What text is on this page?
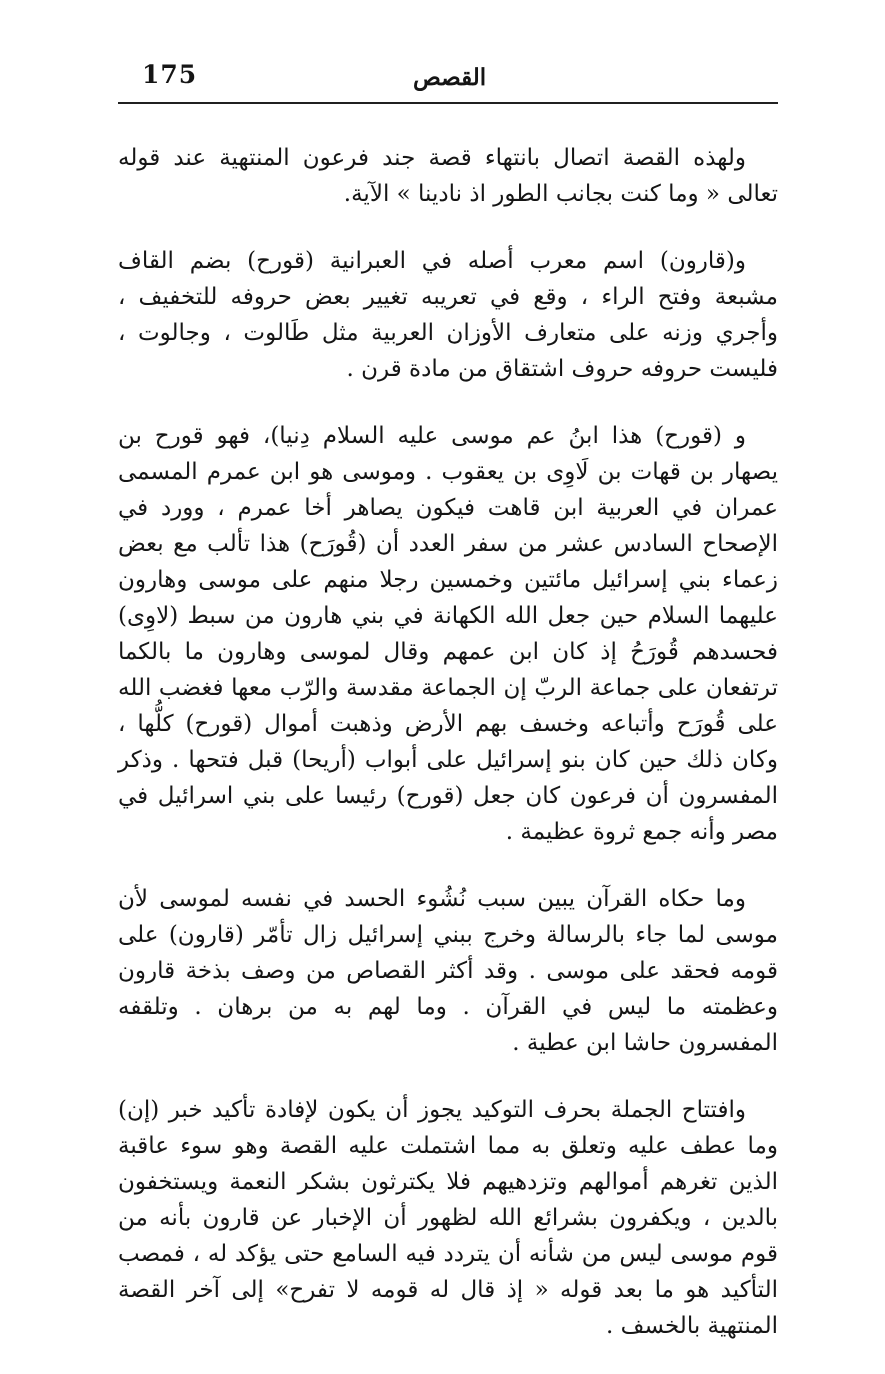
175	القصص

ولهذه القصة اتصال بانتهاء قصة جند فرعون المنتهية عند قوله تعالى « وما كنت بجانب الطور اذ نادينا » الآية.

و(قارون) اسم معرب أصله في العبرانية (قورح) بضم القاف مشبعة وفتح الراء ، وقع في تعريبه تغيير بعض حروفه للتخفيف ، وأجري وزنه على متعارف الأوزان العربية مثل طَالوت ، وجالوت ، فليست حروفه حروف اشتقاق من مادة قرن .

و (قورح) هذا ابنُ عم موسى عليه السلام دِنيا)، فهو قورح بن يصهار بن قهات بن لَاوِى بن يعقوب . وموسى هو ابن عمرم المسمى عمران في العربية ابن قاهت فيكون يصاهر أخا عمرم ، وورد في الإصحاح السادس عشر من سفر العدد أن (قُورَح) هذا تألب مع بعض زعماء بني إسرائيل مائتين وخمسين رجلا منهم على موسى وهارون عليهما السلام حين جعل الله الكهانة في بني هارون من سبط (لاوِى) فحسدهم قُورَحُ إذ كان ابن عمهم وقال لموسى وهارون ما بالكما ترتفعان على جماعة الربّ إن الجماعة مقدسة والرّب معها فغضب الله على قُورَح وأتباعه وخسف بهم الأرض وذهبت أموال (قورح) كلُّها ، وكان ذلك حين كان بنو إسرائيل على أبواب (أريحا) قبل فتحها . وذكر المفسرون أن فرعون كان جعل (قورح) رئيسا على بني اسرائيل في مصر وأنه جمع ثروة عظيمة .

وما حكاه القرآن يبين سبب نُشُوء الحسد في نفسه لموسى لأن موسى لما جاء بالرسالة وخرج ببني إسرائيل زال تأمّر (قارون) على قومه فحقد على موسى . وقد أكثر القصاص من وصف بذخة قارون وعظمته ما ليس في القرآن . وما لهم به من برهان . وتلقفه المفسرون حاشا ابن عطية .

وافتتاح الجملة بحرف التوكيد يجوز أن يكون لإفادة تأكيد خبر (إن) وما عطف عليه وتعلق به مما اشتملت عليه القصة وهو سوء عاقبة الذين تغرهم أموالهم وتزدهيهم فلا يكترثون بشكر النعمة ويستخفون بالدين ، ويكفرون بشرائع الله لظهور أن الإخبار عن قارون بأنه من قوم موسى ليس من شأنه أن يتردد فيه السامع حتى يؤكد له ، فمصب التأكيد هو ما بعد قوله « إذ قال له قومه لا تفرح» إلى آخر القصة المنتهية بالخسف .
